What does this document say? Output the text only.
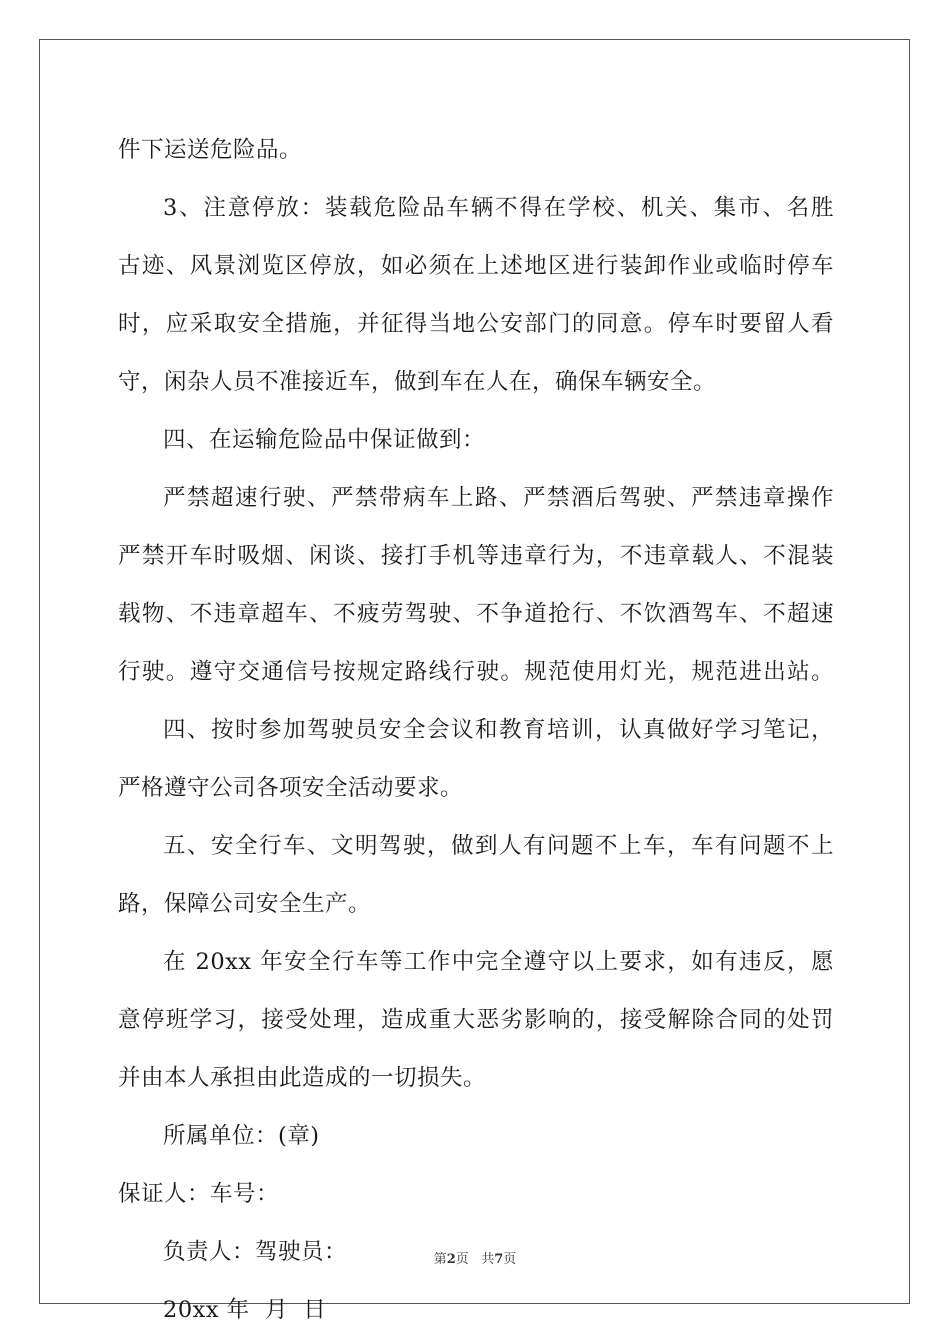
件下运送危险品。
3、注意停放：装载危险品车辆不得在学校、机关、集市、名胜
古迹、风景浏览区停放，如必须在上述地区进行装卸作业或临时停车
时，应采取安全措施，并征得当地公安部门的同意。停车时要留人看
守，闲杂人员不准接近车，做到车在人在，确保车辆安全。
四、在运输危险品中保证做到：
严禁超速行驶、严禁带病车上路、严禁酒后驾驶、严禁违章操作
严禁开车时吸烟、闲谈、接打手机等违章行为，不违章载人、不混装
载物、不违章超车、不疲劳驾驶、不争道抢行、不饮酒驾车、不超速
行驶。遵守交通信号按规定路线行驶。规范使用灯光，规范进出站。
四、按时参加驾驶员安全会议和教育培训，认真做好学习笔记，
严格遵守公司各项安全活动要求。
五、安全行车、文明驾驶，做到人有问题不上车，车有问题不上
路，保障公司安全生产。
在 20xx 年安全行车等工作中完全遵守以上要求，如有违反，愿
意停班学习，接受处理，造成重大恶劣影响的，接受解除合同的处罚
并由本人承担由此造成的一切损失。
所属单位：(章)
保证人：车号：
负责人：驾驶员：
20xx 年  月  日
第2页 共7页
